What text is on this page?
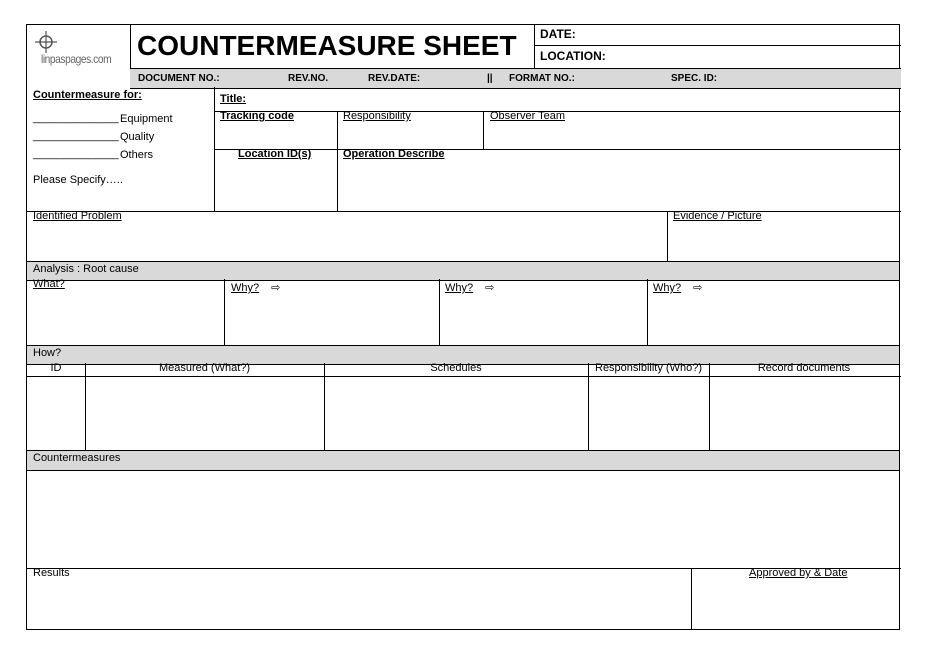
linpaspages.com COUNTERMEASURE SHEET DATE:
LOCATION:
DOCUMENT NO.:	REV.NO.	REV.DATE:	|| FORMAT NO.:	SPEC. ID:
Countermeasure for:
______________ Equipment
______________ Quality
______________ Others
Please Specify…..
Title:
Tracking code	Responsibility	Observer Team
Location ID(s)	Operation Describe
Identified Problem	Evidence / Picture
Analysis : Root cause
What?	Why? ⇨	Why? ⇨	Why? ⇨
How?
ID	Measured (What?)	Schedules	Responsibility (Who?)	Record documents
Countermeasures
Results	Approved by & Date
